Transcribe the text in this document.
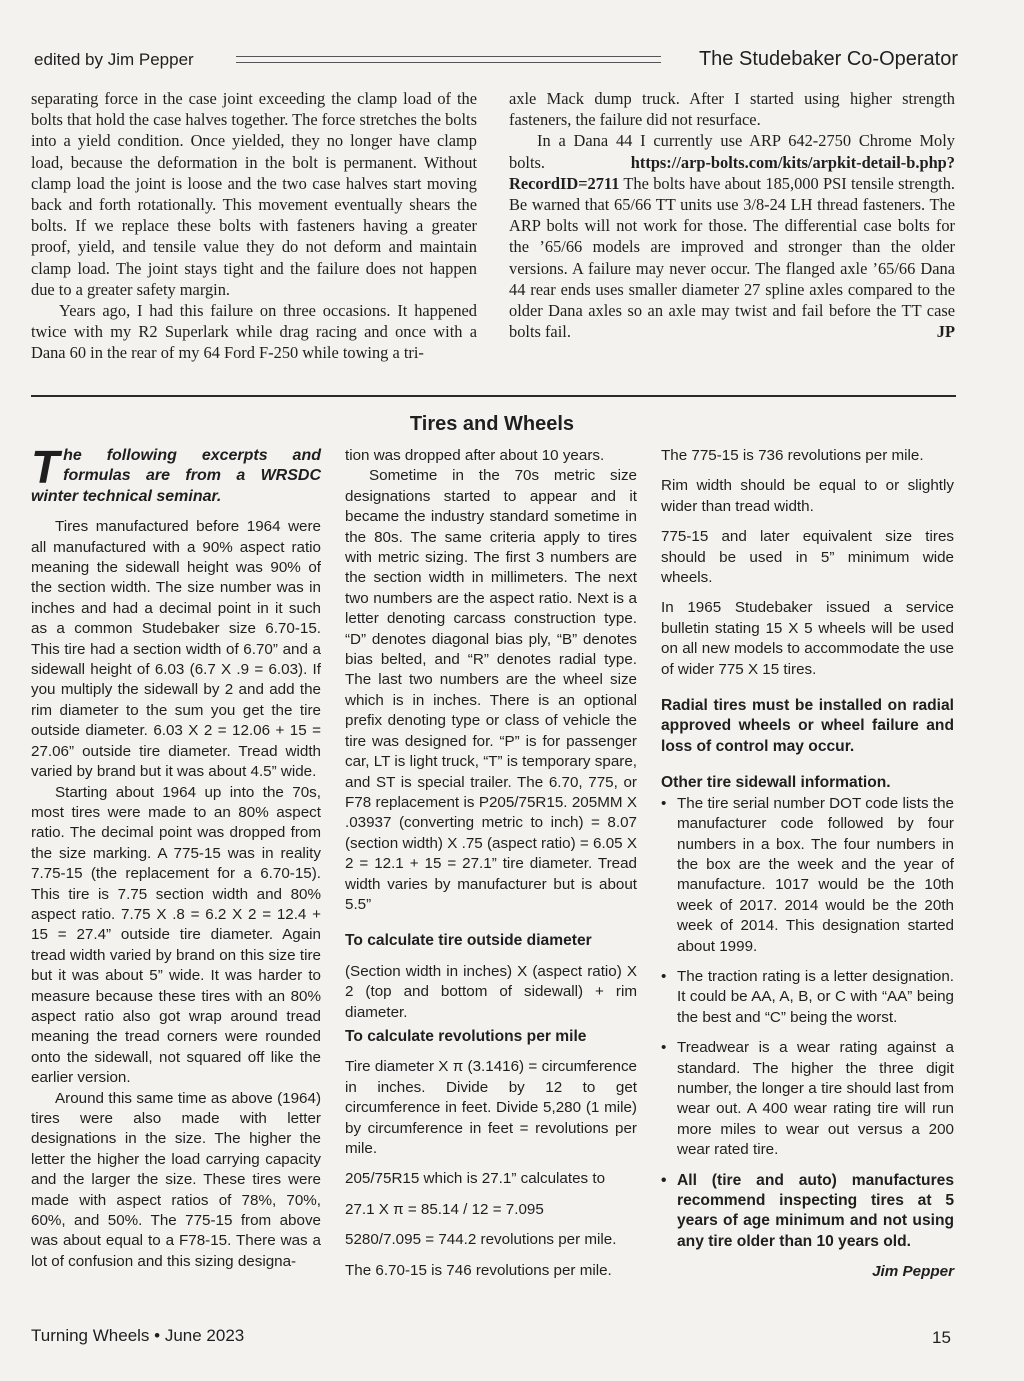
edited by Jim Pepper	The Studebaker Co-Operator

separating force in the case joint exceeding the clamp load of the bolts that hold the case halves together. The force stretches the bolts into a yield condition. Once yielded, they no longer have clamp load, because the deformation in the bolt is permanent. Without clamp load the joint is loose and the two case halves start moving back and forth rotationally. This movement eventually shears the bolts. If we replace these bolts with fasteners having a greater proof, yield, and tensile value they do not deform and maintain clamp load. The joint stays tight and the failure does not happen due to a greater safety margin.

Years ago, I had this failure on three occasions. It happened twice with my R2 Superlark while drag racing and once with a Dana 60 in the rear of my 64 Ford F-250 while towing a tri-

axle Mack dump truck. After I started using higher strength fasteners, the failure did not resurface.

In a Dana 44 I currently use ARP 642-2750 Chrome Moly bolts. https://arp-bolts.com/kits/arpkit-detail-b.php?RecordID=2711 The bolts have about 185,000 PSI tensile strength. Be warned that 65/66 TT units use 3/8-24 LH thread fasteners. The ARP bolts will not work for those. The differential case bolts for the ’65/66 models are improved and stronger than the older versions. A failure may never occur. The flanged axle ’65/66 Dana 44 rear ends uses smaller diameter 27 spline axles compared to the older Dana axles so an axle may twist and fail before the TT case bolts fail.	JP

Tires and Wheels

The following excerpts and formulas are from a WRSDC winter technical seminar.

Tires manufactured before 1964 were all manufactured with a 90% aspect ratio meaning the sidewall height was 90% of the section width. The size number was in inches and had a decimal point in it such as a common Studebaker size 6.70-15. This tire had a section width of 6.70” and a sidewall height of 6.03 (6.7 X .9 = 6.03). If you multiply the sidewall by 2 and add the rim diameter to the sum you get the tire outside diameter. 6.03 X 2 = 12.06 + 15 = 27.06” outside tire diameter. Tread width varied by brand but it was about 4.5” wide.

Starting about 1964 up into the 70s, most tires were made to an 80% aspect ratio. The decimal point was dropped from the size marking. A 775-15 was in reality 7.75-15 (the replacement for a 6.70-15). This tire is 7.75 section width and 80% aspect ratio. 7.75 X .8 = 6.2 X 2 = 12.4 + 15 = 27.4” outside tire diameter. Again tread width varied by brand on this size tire but it was about 5” wide. It was harder to measure because these tires with an 80% aspect ratio also got wrap around tread meaning the tread corners were rounded onto the sidewall, not squared off like the earlier version.

Around this same time as above (1964) tires were also made with letter designations in the size. The higher the letter the higher the load carrying capacity and the larger the size. These tires were made with aspect ratios of 78%, 70%, 60%, and 50%. The 775-15 from above was about equal to a F78-15. There was a lot of confusion and this sizing designa-

tion was dropped after about 10 years.

Sometime in the 70s metric size designations started to appear and it became the industry standard sometime in the 80s. The same criteria apply to tires with metric sizing. The first 3 numbers are the section width in millimeters. The next two numbers are the aspect ratio. Next is a letter denoting carcass construction type. “D” denotes diagonal bias ply, “B” denotes bias belted, and “R” denotes radial type. The last two numbers are the wheel size which is in inches. There is an optional prefix denoting type or class of vehicle the tire was designed for. “P” is for passenger car, LT is light truck, “T” is temporary spare, and ST is special trailer. The 6.70, 775, or F78 replacement is P205/75R15. 205MM X .03937 (converting metric to inch) = 8.07 (section width) X .75 (aspect ratio) = 6.05 X 2 = 12.1 + 15 = 27.1” tire diameter. Tread width varies by manufacturer but is about 5.5”

To calculate tire outside diameter

(Section width in inches) X (aspect ratio) X 2 (top and bottom of sidewall) + rim diameter.

To calculate revolutions per mile

Tire diameter X π (3.1416) = circumference in inches. Divide by 12 to get circumference in feet. Divide 5,280 (1 mile) by circumference in feet = revolutions per mile.

205/75R15 which is 27.1” calculates to

27.1 X π = 85.14 / 12 = 7.095

5280/7.095 = 744.2 revolutions per mile.

The 6.70-15 is 746 revolutions per mile.

The 775-15 is 736 revolutions per mile.

Rim width should be equal to or slightly wider than tread width.

775-15 and later equivalent size tires should be used in 5” minimum wide wheels.

In 1965 Studebaker issued a service bulletin stating 15 X 5 wheels will be used on all new models to accommodate the use of wider 775 X 15 tires.

Radial tires must be installed on radial approved wheels or wheel failure and loss of control may occur.

Other tire sidewall information.

• The tire serial number DOT code lists the manufacturer code followed by four numbers in a box. The four numbers in the box are the week and the year of manufacture. 1017 would be the 10th week of 2017. 2014 would be the 20th week of 2014. This designation started about 1999.
• The traction rating is a letter designation. It could be AA, A, B, or C with “AA” being the best and “C” being the worst.
• Treadwear is a wear rating against a standard. The higher the three digit number, the longer a tire should last from wear out. A 400 wear rating tire will run more miles to wear out versus a 200 wear rated tire.
• All (tire and auto) manufactures recommend inspecting tires at 5 years of age minimum and not using any tire older than 10 years old.

Jim Pepper

Turning Wheels • June 2023	15
